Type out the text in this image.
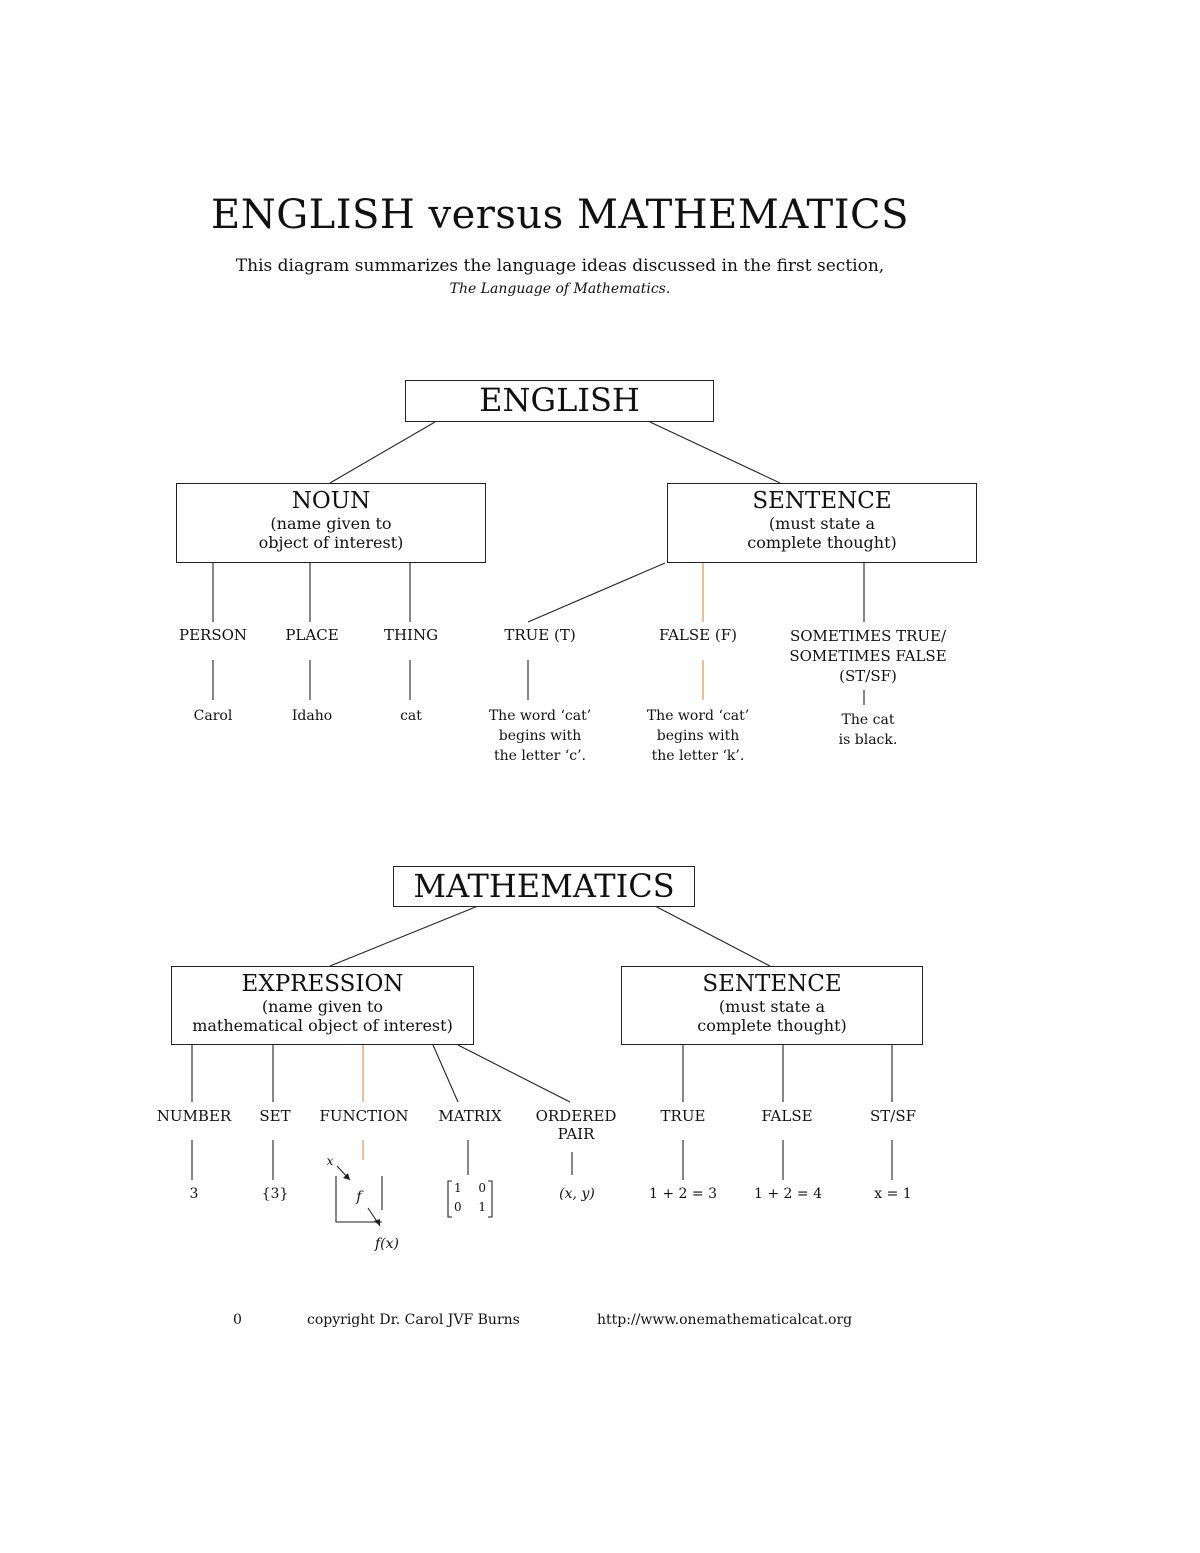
ENGLISH versus MATHEMATICS
This diagram summarizes the language ideas discussed in the first section,
The Language of Mathematics.
ENGLISH
NOUN
(name given to
object of interest)
SENTENCE
(must state a
complete thought)
PERSON	PLACE	THING
Carol	Idaho	cat
TRUE (T)	FALSE (F)	SOMETIMES TRUE/
SOMETIMES FALSE
(ST/SF)
The word ‘cat’
begins with
the letter ‘c’.
The word ‘cat’
begins with
the letter ‘k’.
The cat
is black.
MATHEMATICS
EXPRESSION
(name given to
mathematical object of interest)
SENTENCE
(must state a
complete thought)
NUMBER SET FUNCTION MATRIX ORDERED
PAIR
3	{3}
x
f
f(x)
1 0
0 1
(x, y)
TRUE	FALSE	ST/SF
1 + 2 = 3	1 + 2 = 4	x = 1
0	copyright Dr. Carol JVF Burns	http://www.onemathematicalcat.org
